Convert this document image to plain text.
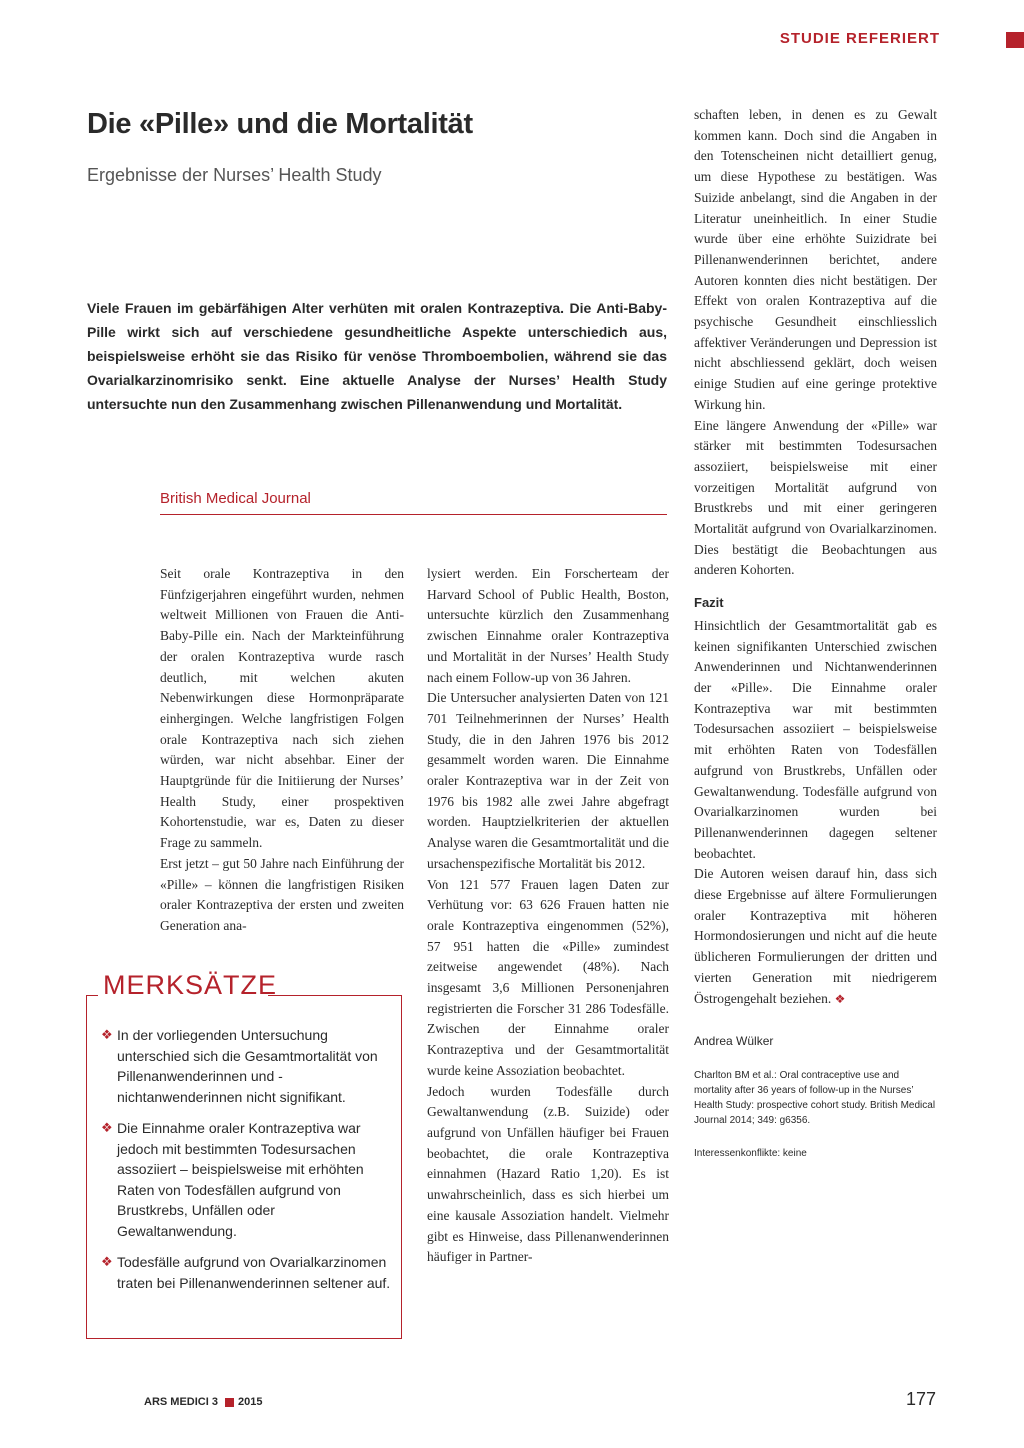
STUDIE REFERIERT
Die «Pille» und die Mortalität
Ergebnisse der Nurses’ Health Study
Viele Frauen im gebärfähigen Alter verhüten mit oralen Kontrazeptiva. Die Anti-Baby-Pille wirkt sich auf verschiedene gesundheitliche Aspekte unterschiedich aus, beispielsweise erhöht sie das Risiko für venöse Thromboembolien, während sie das Ovarialkarzinomrisiko senkt. Eine aktuelle Analyse der Nurses’ Health Study untersuchte nun den Zusammenhang zwischen Pillenanwendung und Mortalität.
British Medical Journal

Seit orale Kontrazeptiva in den Fünfzigerjahren eingeführt wurden, nehmen weltweit Millionen von Frauen die Anti-Baby-Pille ein. Nach der Markteinführung der oralen Kontrazeptiva wurde rasch deutlich, mit welchen akuten Nebenwirkungen diese Hormonpräparate einhergingen. Welche langfristigen Folgen orale Kontrazeptiva nach sich ziehen würden, war nicht absehbar. Einer der Hauptgründe für die Initiierung der Nurses’ Health Study, einer prospektiven Kohortenstudie, war es, Daten zu dieser Frage zu sammeln.

Erst jetzt – gut 50 Jahre nach Einführung der «Pille» – können die langfristigen Risiken oraler Kontrazeptiva der ersten und zweiten Generation ana-

lysiert werden. Ein Forscherteam der Harvard School of Public Health, Boston, untersuchte kürzlich den Zusammenhang zwischen Einnahme oraler Kontrazeptiva und Mortalität in der Nurses’ Health Study nach einem Follow-up von 36 Jahren.

Die Untersucher analysierten Daten von 121 701 Teilnehmerinnen der Nurses’ Health Study, die in den Jahren 1976 bis 2012 gesammelt worden waren. Die Einnahme oraler Kontrazeptiva war in der Zeit von 1976 bis 1982 alle zwei Jahre abgefragt worden. Hauptzielkriterien der aktuellen Analyse waren die Gesamtmortalität und die ursachenspezifische Mortalität bis 2012.

Von 121 577 Frauen lagen Daten zur Verhütung vor: 63 626 Frauen hatten nie orale Kontrazeptiva eingenommen (52%), 57 951 hatten die «Pille» zumindest zeitweise angewendet (48%). Nach insgesamt 3,6 Millionen Personenjahren registrierten die Forscher 31 286 Todesfälle. Zwischen der Einnahme oraler Kontrazeptiva und der Gesamtmortalität wurde keine Assoziation beobachtet.

Jedoch wurden Todesfälle durch Gewaltanwendung (z.B. Suizide) oder aufgrund von Unfällen häufiger bei Frauen beobachtet, die orale Kontrazeptiva einnahmen (Hazard Ratio 1,20). Es ist unwahrscheinlich, dass es sich hierbei um eine kausale Assoziation handelt. Vielmehr gibt es Hinweise, dass Pillenanwenderinnen häufiger in Partner-

schaften leben, in denen es zu Gewalt kommen kann. Doch sind die Angaben in den Totenscheinen nicht detailliert genug, um diese Hypothese zu bestätigen. Was Suizide anbelangt, sind die Angaben in der Literatur uneinheitlich. In einer Studie wurde über eine erhöhte Suizidrate bei Pillenanwenderinnen berichtet, andere Autoren konnten dies nicht bestätigen. Der Effekt von oralen Kontrazeptiva auf die psychische Gesundheit einschliesslich affektiver Veränderungen und Depression ist nicht abschliessend geklärt, doch weisen einige Studien auf eine geringe protektive Wirkung hin.

Eine längere Anwendung der «Pille» war stärker mit bestimmten Todesursachen assoziiert, beispielsweise mit einer vorzeitigen Mortalität aufgrund von Brustkrebs und mit einer geringeren Mortalität aufgrund von Ovarialkarzinomen. Dies bestätigt die Beobachtungen aus anderen Kohorten.

Fazit

Hinsichtlich der Gesamtmortalität gab es keinen signifikanten Unterschied zwischen Anwenderinnen und Nichtanwenderinnen der «Pille». Die Einnahme oraler Kontrazeptiva war mit bestimmten Todesursachen assoziiert – beispielsweise mit erhöhten Raten von Todesfällen aufgrund von Brustkrebs, Unfällen oder Gewaltanwendung. Todesfälle aufgrund von Ovarialkarzinomen wurden bei Pillenanwenderinnen dagegen seltener beobachtet.

Die Autoren weisen darauf hin, dass sich diese Ergebnisse auf ältere Formulierungen oraler Kontrazeptiva mit höheren Hormondosierungen und nicht auf die heute üblicheren Formulierungen der dritten und vierten Generation mit niedrigerem Östrogengehalt beziehen. ❖

Andrea Wülker

Charlton BM et al.: Oral contraceptive use and mortality after 36 years of follow-up in the Nurses’ Health Study: prospective cohort study. British Medical Journal 2014; 349: g6356.

Interessenkonflikte: keine

MERKSÄTZE
❖ In der vorliegenden Untersuchung unterschied sich die Gesamtmortalität von Pillenanwenderinnen und -nichtanwenderinnen nicht signifikant.
❖ Die Einnahme oraler Kontrazeptiva war jedoch mit bestimmten Todesursachen assoziiert – beispielsweise mit erhöhten Raten von Todesfällen aufgrund von Brustkrebs, Unfällen oder Gewaltanwendung.
❖ Todesfälle aufgrund von Ovarialkarzinomen traten bei Pillenanwenderinnen seltener auf.
ARS MEDICI 3 2015	177
